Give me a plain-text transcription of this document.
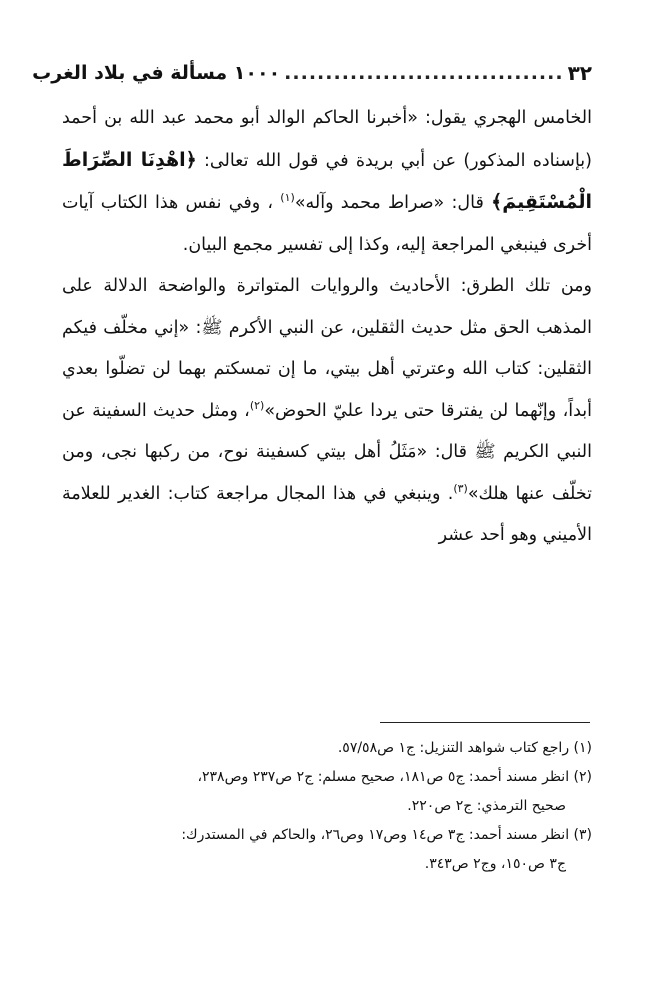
٣٢
..................................
١٠٠٠ مسألة في بلاد الغرب

الخامس الهجري يقول: «أخبرنا الحاكم الوالد أبو محمد عبد الله بن أحمد (بإسناده المذكور) عن أبي بريدة في قول الله تعالى: ﴿اهْدِنَا الصِّرَاطَ الْمُسْتَقِيمَ﴾ قال: «صراط محمد وآله»$^{(١)}$ ، وفي نفس هذا الكتاب آيات أخرى فينبغي المراجعة إليه، وكذا إلى تفسير مجمع البيان.

ومن تلك الطرق: الأحاديث والروايات المتواترة والواضحة الدلالة على المذهب الحق مثل حديث الثقلين، عن النبي الأكرم ﷺ: «إني مخلّف فيكم الثقلين: كتاب الله وعترتي أهل بيتي، ما إن تمسكتم بهما لن تضلّوا بعدي أبداً، وإنّهما لن يفترقا حتى يردا عليّ الحوض»$^{(٢)}$، ومثل حديث السفينة عن النبي الكريم ﷺ قال: «مَثَلُ أهل بيتي كسفينة نوح، من ركبها نجى، ومن تخلّف عنها هلك»$^{(٣)}$. وينبغي في هذا المجال مراجعة كتاب: الغدير للعلامة الأميني وهو أحد عشر

(١) راجع كتاب شواهد التنزيل: ج١ ص٥٧/٥٨.

(٢) انظر مسند أحمد: ج٥ ص١٨١، صحيح مسلم: ج٢ ص٢٣٧ وص٢٣٨،

صحيح الترمذي: ج٢ ص٢٢٠.

(٣) انظر مسند أحمد: ج٣ ص١٤ وص١٧ وص٢٦، والحاكم في المستدرك:

ج٣ ص١٥٠، وج٢ ص٣٤٣.
